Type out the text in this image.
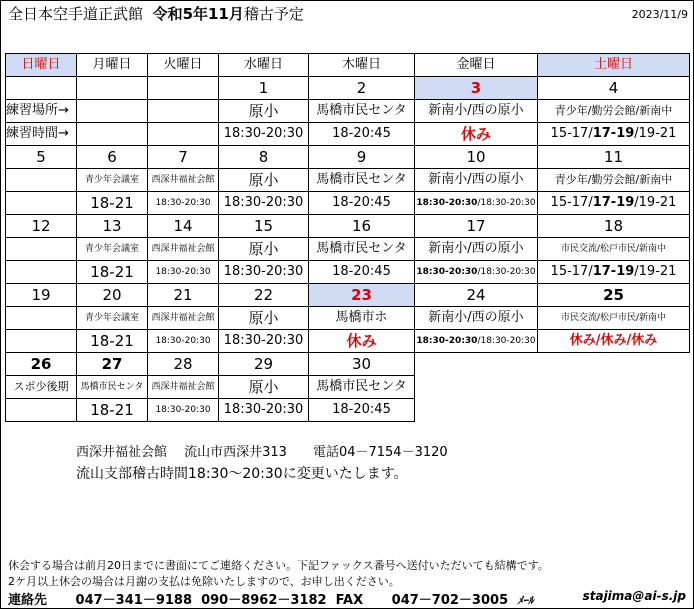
全日本空手道正武館 令和5年11月稽古予定	2023/11/9
日曜日	月曜日	火曜日	水曜日	木曜日	金曜日	土曜日
			1	2	3	4
練習場所→			原小	馬橋市民センタ	新南小/西の原小	青少年/勤労会館/新南中
練習時間→			18:30-20:30	18-20:45	休み	15-17/17-19/19-21
5	6	7	8	9	10	11
	青少年会議室	西深井福祉会館	原小	馬橋市民センタ	新南小/西の原小	青少年/勤労会館/新南中
	18-21	18:30-20:30	18:30-20:30	18-20:45	18:30-20:30/18:30-20:30	15-17/17-19/19-21
12	13	14	15	16	17	18
	青少年会議室	西深井福祉会館	原小	馬橋市民センタ	新南小/西の原小	市民交流/松戸市民/新南中
	18-21	18:30-20:30	18:30-20:30	18-20:45	18:30-20:30/18:30-20:30	15-17/17-19/19-21
19	20	21	22	23	24	25
	青少年会議室	西深井福祉会館	原小	馬橋市ホ	新南小/西の原小	市民交流/松戸市民/新南中
	18-21	18:30-20:30	18:30-20:30	休み	18:30-20:30/18:30-20:30	休み/休み/休み
26	27	28	29	30		
スポ少後期	馬橋市民センタ	西深井福祉会館	原小	馬橋市民センタ		
	18-21	18:30-20:30	18:30-20:30	18-20:45		
西深井福祉会館　 流山市西深井313　　電話04－7154－3120
流山支部稽古時間18:30～20:30に変更いたします。
休会する場合は前月20日までに書面にてご連絡ください。下記ファックス番号へ送付いただいても結構です。
2ケ月以上休会の場合は月謝の支払は免除いたしますので、お申し出ください。
連絡先 047－341－9188 090－8962－3182 FAX 047－702－3005 ﾒｰﾙ	stajima@ai-s.jp
